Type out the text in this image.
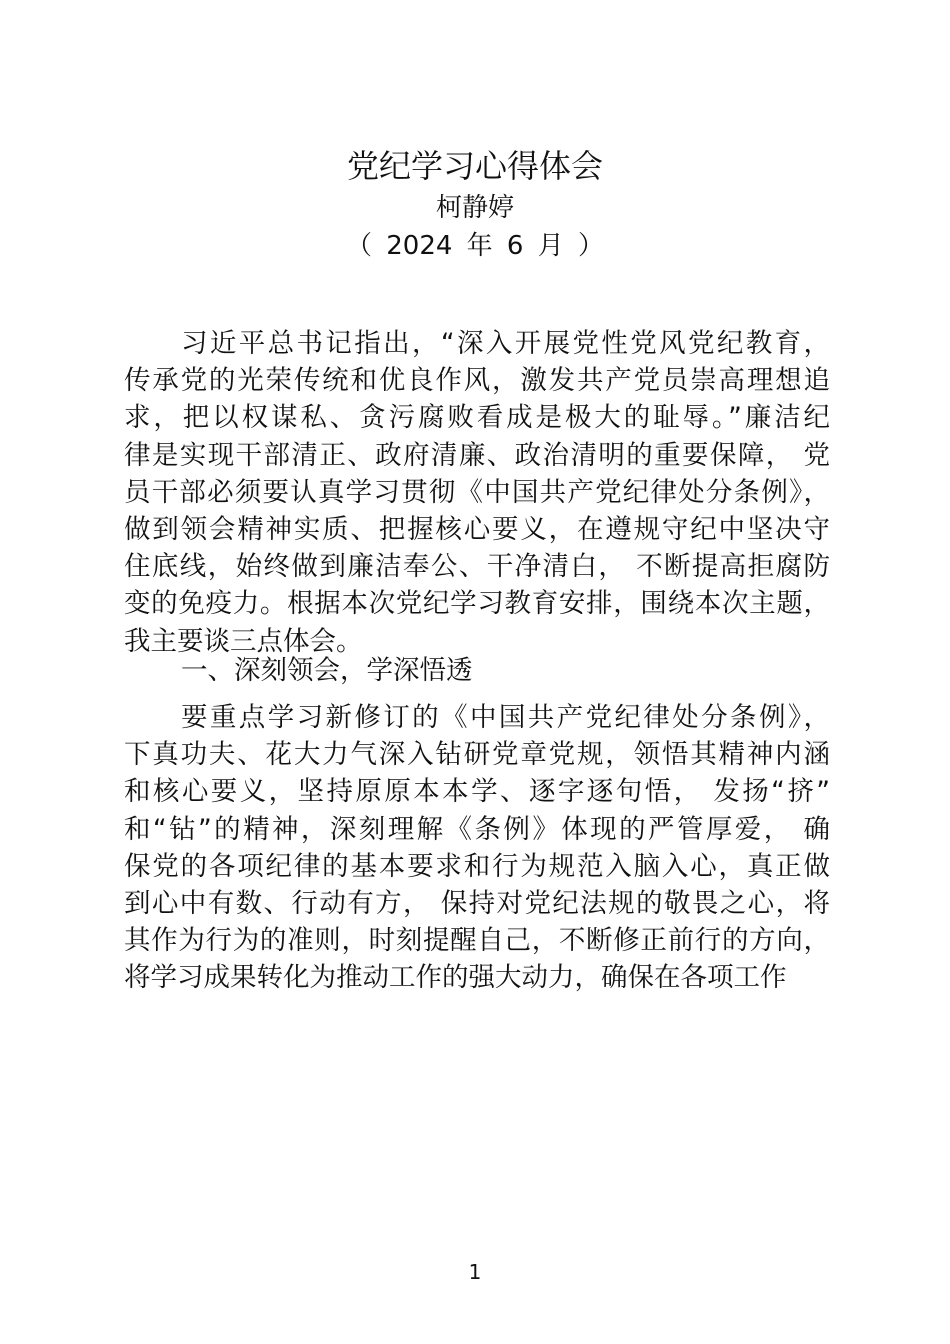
党纪学习心得体会

柯静婷

（ 2024 年 6 月 ）

习近平总书记指出，“深入开展党性党风党纪教育，
传承党的光荣传统和优良作风，激发共产党员崇高理想追
求，把以权谋私、贪污腐败看成是极大的耻辱。”廉洁纪
律是实现干部清正、政府清廉、政治清明的重要保障， 党
员干部必须要认真学习贯彻《中国共产党纪律处分条例》，
做到领会精神实质、把握核心要义，在遵规守纪中坚决守
住底线，始终做到廉洁奉公、干净清白， 不断提高拒腐防
变的免疫力。根据本次党纪学习教育安排，围绕本次主题，
我主要谈三点体会。
一、深刻领会，学深悟透
要重点学习新修订的《中国共产党纪律处分条例》，
下真功夫、花大力气深入钻研党章党规，领悟其精神内涵
和核心要义，坚持原原本本学、逐字逐句悟， 发扬“挤”
和“钻”的精神，深刻理解《条例》体现的严管厚爱， 确
保党的各项纪律的基本要求和行为规范入脑入心，真正做
到心中有数、行动有方， 保持对党纪法规的敬畏之心，将
其作为行为的准则，时刻提醒自己，不断修正前行的方向，
将学习成果转化为推动工作的强大动力，确保在各项工作
1
